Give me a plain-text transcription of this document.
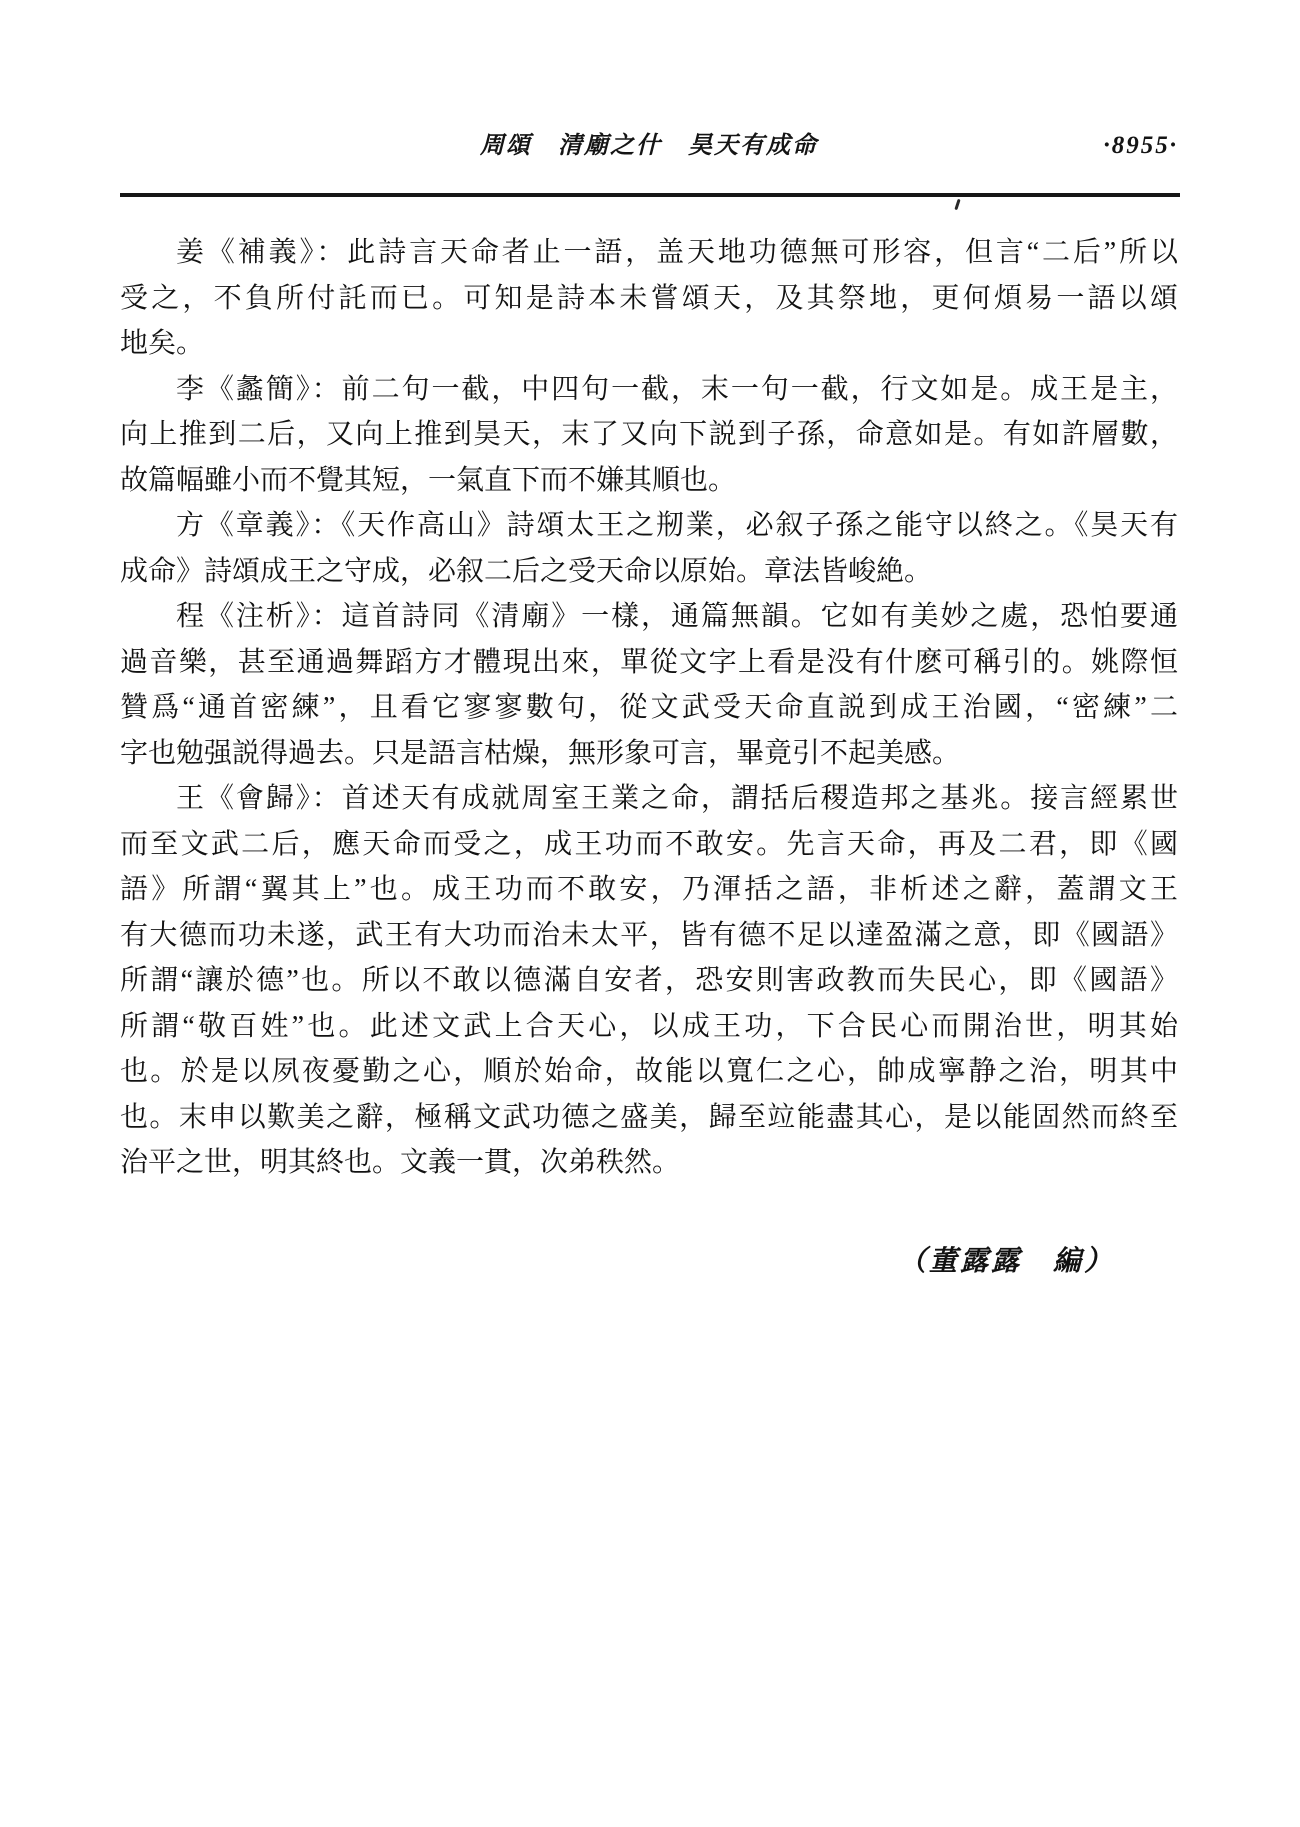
周頌　清廟之什　昊天有成命	·8955·
姜《補義》：此詩言天命者止一語，盖天地功德無可形容，但言“二后”所以
受之，不負所付託而已。可知是詩本未嘗頌天，及其祭地，更何煩易一語以頌
地矣。
李《蠡簡》：前二句一截，中四句一截，末一句一截，行文如是。成王是主，
向上推到二后，又向上推到昊天，末了又向下説到子孫，命意如是。有如許層數，
故篇幅雖小而不覺其短，一氣直下而不嫌其順也。
方《章義》：《天作高山》詩頌太王之剏業，必叙子孫之能守以終之。《昊天有
成命》詩頌成王之守成，必叙二后之受天命以原始。章法皆峻絶。
程《注析》：這首詩同《清廟》一樣，通篇無韻。它如有美妙之處，恐怕要通
過音樂，甚至通過舞蹈方才體現出來，單從文字上看是没有什麽可稱引的。姚際恒
贊爲“通首密練”，且看它寥寥數句，從文武受天命直説到成王治國，“密練”二
字也勉强説得過去。只是語言枯燥，無形象可言，畢竟引不起美感。
王《會歸》：首述天有成就周室王業之命，謂括后稷造邦之基兆。接言經累世
而至文武二后，應天命而受之，成王功而不敢安。先言天命，再及二君，即《國
語》所謂“翼其上”也。成王功而不敢安，乃渾括之語，非析述之辭，蓋謂文王
有大德而功未遂，武王有大功而治未太平，皆有德不足以達盈滿之意，即《國語》
所謂“讓於德”也。所以不敢以德滿自安者，恐安則害政教而失民心，即《國語》
所謂“敬百姓”也。此述文武上合天心，以成王功，下合民心而開治世，明其始
也。於是以夙夜憂勤之心，順於始命，故能以寬仁之心，帥成寧静之治，明其中
也。末申以歎美之辭，極稱文武功德之盛美，歸至竝能盡其心，是以能固然而終至
治平之世，明其終也。文義一貫，次弟秩然。
（董露露　編）
